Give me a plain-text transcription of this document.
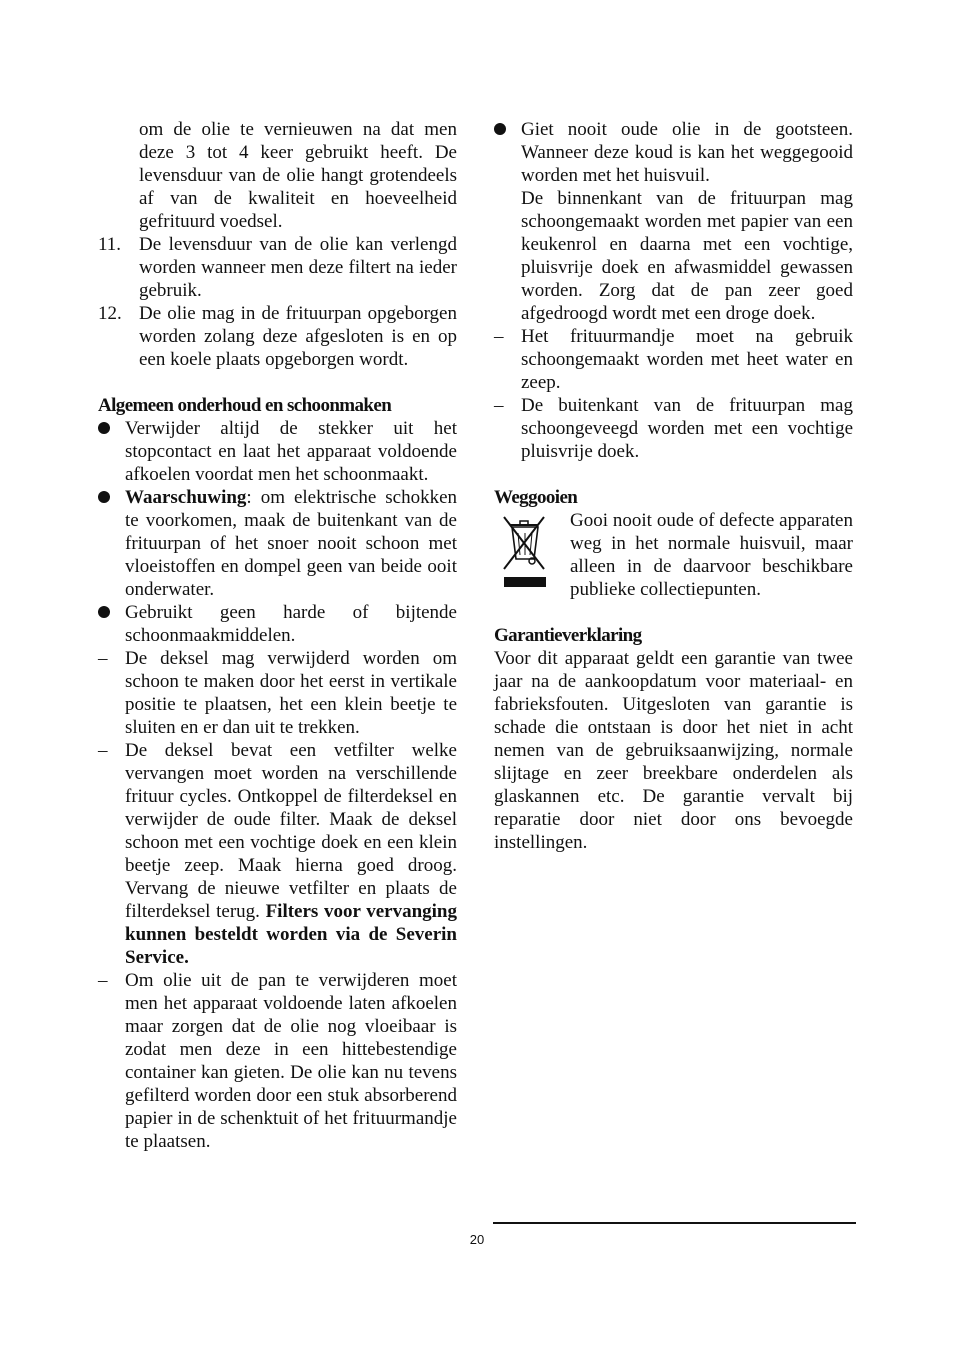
om de olie te vernieuwen na dat men deze 3 tot 4 keer gebruikt heeft. De levensduur van de olie hangt grotendeels af van de kwaliteit en hoeveelheid gefrituurd voedsel.

11. De levensduur van de olie kan verlengd worden wanneer men deze filtert na ieder gebruik.
12. De olie mag in de frituurpan opgeborgen worden zolang deze afgesloten is en op een koele plaats opgeborgen wordt.

Algemeen onderhoud en schoonmaken

Verwijder altijd de stekker uit het stopcontact en laat het apparaat voldoende afkoelen voordat men het schoonmaakt.
Waarschuwing: om elektrische schokken te voorkomen, maak de buitenkant van de frituurpan of het snoer nooit schoon met vloeistoffen en dompel geen van beide ooit onderwater.
Gebruikt geen harde of bijtende schoonmaakmiddelen.
– De deksel mag verwijderd worden om schoon te maken door het eerst in vertikale positie te plaatsen, het een klein beetje te sluiten en er dan uit te trekken.
– De deksel bevat een vetfilter welke vervangen moet worden na verschillende frituur cycles. Ontkoppel de filterdeksel en verwijder de oude filter. Maak de deksel schoon met een vochtige doek en een klein beetje zeep. Maak hierna goed droog. Vervang de nieuwe vetfilter en plaats de filterdeksel terug. Filters voor vervanging kunnen besteldt worden via de Severin Service.
– Om olie uit de pan te verwijderen moet men het apparaat voldoende laten afkoelen maar zorgen dat de olie nog vloeibaar is zodat men deze in een hittebestendige container kan gieten. De olie kan nu tevens gefilterd worden door een stuk absorberend papier in de schenktuit of het frituurmandje te plaatsen.

Giet nooit oude olie in de gootsteen. Wanneer deze koud is kan het weggegooid worden met het huisvuil.

De binnenkant van de frituurpan mag schoongemaakt worden met papier van een keukenrol en daarna met een vochtige, pluisvrije doek en afwasmiddel gewassen worden. Zorg dat de pan zeer goed afgedroogd wordt met een droge doek.

– Het frituurmandje moet na gebruik schoongemaakt worden met heet water en zeep.
– De buitenkant van de frituurpan mag schoongeveegd worden met een vochtige pluisvrije doek.

Weggooien

Gooi nooit oude of defecte apparaten weg in het normale huisvuil, maar alleen in de daarvoor beschikbare publieke collectiepunten.

Garantieverklaring

Voor dit apparaat geldt een garantie van twee jaar na de aankoopdatum voor materiaal- en fabrieksfouten. Uitgesloten van garantie is schade die ontstaan is door het niet in acht nemen van de gebruiksaanwijzing, normale slijtage en zeer breekbare onderdelen als glaskannen etc. De garantie vervalt bij reparatie door niet door ons bevoegde instellingen.

20
